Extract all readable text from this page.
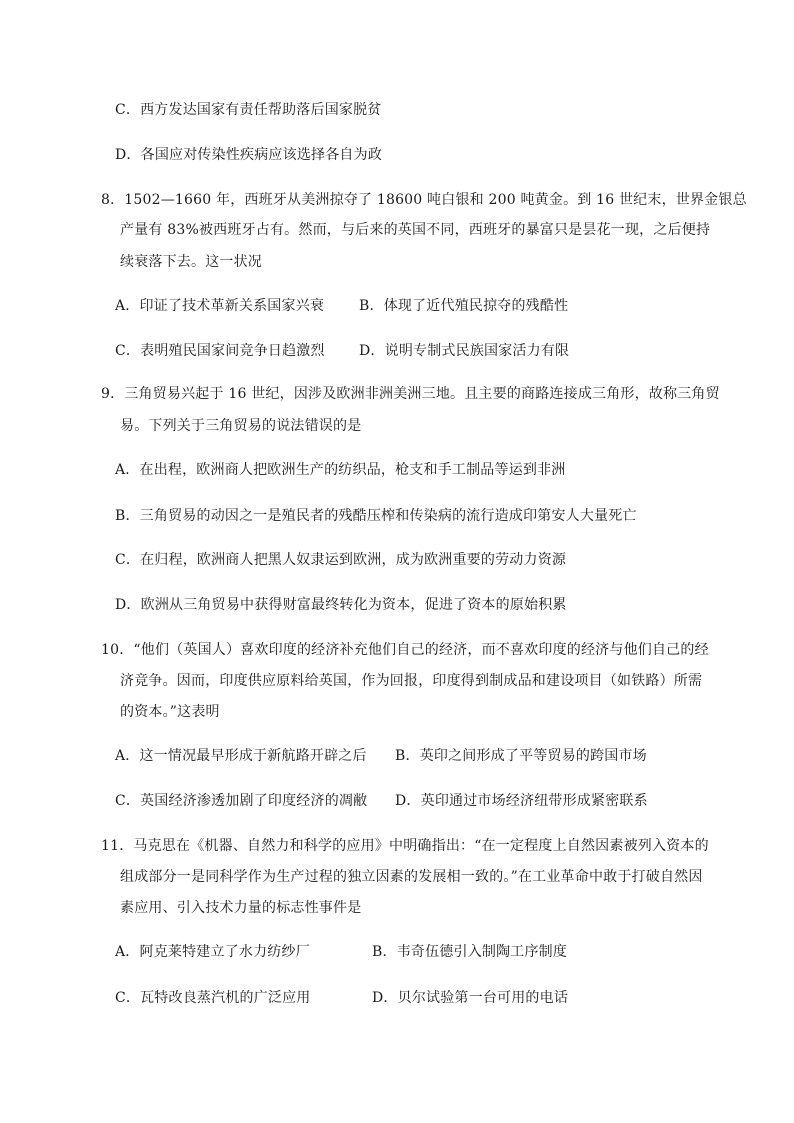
C．西方发达国家有责任帮助落后国家脱贫
D．各国应对传染性疾病应该选择各自为政
8．1502—1660 年，西班牙从美洲掠夺了 18600 吨白银和 200 吨黄金。到 16 世纪末，世界金银总
产量有 83%被西班牙占有。然而，与后来的英国不同，西班牙的暴富只是昙花一现，之后便持
续衰落下去。这一状况
A．印证了技术革新关系国家兴衰 B．体现了近代殖民掠夺的残酷性
C．表明殖民国家间竞争日趋激烈 D．说明专制式民族国家活力有限
9．三角贸易兴起于 16 世纪，因涉及欧洲非洲美洲三地。且主要的商路连接成三角形，故称三角贸
易。下列关于三角贸易的说法错误的是
A．在出程，欧洲商人把欧洲生产的纺织品，枪支和手工制品等运到非洲
B．三角贸易的动因之一是殖民者的残酷压榨和传染病的流行造成印第安人大量死亡
C．在归程，欧洲商人把黑人奴隶运到欧洲，成为欧洲重要的劳动力资源
D．欧洲从三角贸易中获得财富最终转化为资本，促进了资本的原始积累
10．“他们（英国人）喜欢印度的经济补充他们自己的经济，而不喜欢印度的经济与他们自己的经
济竞争。因而，印度供应原料给英国，作为回报，印度得到制成品和建设项目（如铁路）所需
的资本。”这表明
A．这一情况最早形成于新航路开辟之后 B．英印之间形成了平等贸易的跨国市场
C．英国经济渗透加剧了印度经济的凋敝 D．英印通过市场经济纽带形成紧密联系
11．马克思在《机器、自然力和科学的应用》中明确指出：“在一定程度上自然因素被列入资本的
组成部分一是同科学作为生产过程的独立因素的发展相一致的。”在工业革命中敢于打破自然因
素应用、引入技术力量的标志性事件是
A．阿克莱特建立了水力纺纱厂	B．韦奇伍德引入制陶工序制度
C．瓦特改良蒸汽机的广泛应用	D．贝尔试验第一台可用的电话
